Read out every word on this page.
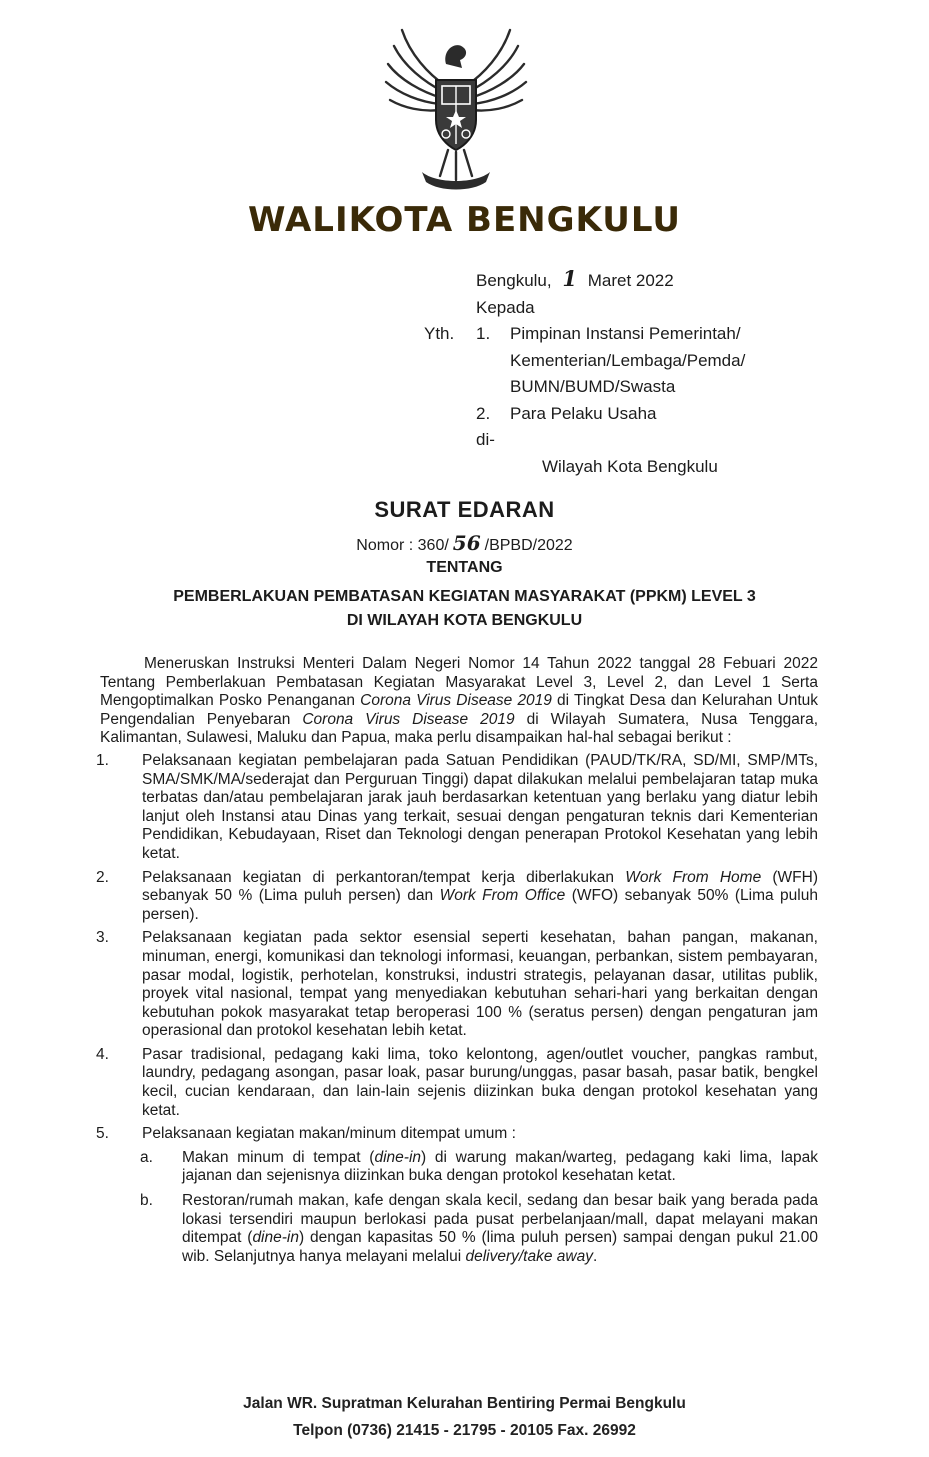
WALIKOTA BENGKULU
Bengkulu, 1 Maret 2022
Kepada
Yth.	1.	Pimpinan Instansi Pemerintah/
Kementerian/Lembaga/Pemda/
BUMN/BUMD/Swasta
2.	Para Pelaku Usaha
di-
Wilayah Kota Bengkulu
SURAT EDARAN
Nomor : 360/ 56 /BPBD/2022
TENTANG
PEMBERLAKUAN PEMBATASAN KEGIATAN MASYARAKAT (PPKM) LEVEL 3
DI WILAYAH KOTA BENGKULU

Meneruskan Instruksi Menteri Dalam Negeri Nomor 14 Tahun 2022 tanggal 28 Febuari 2022 Tentang Pemberlakuan Pembatasan Kegiatan Masyarakat Level 3, Level 2, dan Level 1 Serta Mengoptimalkan Posko Penanganan Corona Virus Disease 2019 di Tingkat Desa dan Kelurahan Untuk Pengendalian Penyebaran Corona Virus Disease 2019 di Wilayah Sumatera, Nusa Tenggara, Kalimantan, Sulawesi, Maluku dan Papua, maka perlu disampaikan hal-hal sebagai berikut :

1.	Pelaksanaan kegiatan pembelajaran pada Satuan Pendidikan (PAUD/TK/RA, SD/MI, SMP/MTs, SMA/SMK/MA/sederajat dan Perguruan Tinggi) dapat dilakukan melalui pembelajaran tatap muka terbatas dan/atau pembelajaran jarak jauh berdasarkan ketentuan yang berlaku yang diatur lebih lanjut oleh Instansi atau Dinas yang terkait, sesuai dengan pengaturan teknis dari Kementerian Pendidikan, Kebudayaan, Riset dan Teknologi dengan penerapan Protokol Kesehatan yang lebih ketat.
2.	Pelaksanaan kegiatan di perkantoran/tempat kerja diberlakukan Work From Home (WFH) sebanyak 50 % (Lima puluh persen) dan Work From Office (WFO) sebanyak 50% (Lima puluh persen).
3.	Pelaksanaan kegiatan pada sektor esensial seperti kesehatan, bahan pangan, makanan, minuman, energi, komunikasi dan teknologi informasi, keuangan, perbankan, sistem pembayaran, pasar modal, logistik, perhotelan, konstruksi, industri strategis, pelayanan dasar, utilitas publik, proyek vital nasional, tempat yang menyediakan kebutuhan sehari-hari yang berkaitan dengan kebutuhan pokok masyarakat tetap beroperasi 100 % (seratus persen) dengan pengaturan jam operasional dan protokol kesehatan lebih ketat.
4.	Pasar tradisional, pedagang kaki lima, toko kelontong, agen/outlet voucher, pangkas rambut, laundry, pedagang asongan, pasar loak, pasar burung/unggas, pasar basah, pasar batik, bengkel kecil, cucian kendaraan, dan lain-lain sejenis diizinkan buka dengan protokol kesehatan yang ketat.
5.	Pelaksanaan kegiatan makan/minum ditempat umum :
a.	Makan minum di tempat (dine-in) di warung makan/warteg, pedagang kaki lima, lapak jajanan dan sejenisnya diizinkan buka dengan protokol kesehatan ketat.
b.	Restoran/rumah makan, kafe dengan skala kecil, sedang dan besar baik yang berada pada lokasi tersendiri maupun berlokasi pada pusat perbelanjaan/mall, dapat melayani makan ditempat (dine-in) dengan kapasitas 50 % (lima puluh persen) sampai dengan pukul 21.00 wib. Selanjutnya hanya melayani melalui delivery/take away.
Jalan WR. Supratman Kelurahan Bentiring Permai Bengkulu
Telpon (0736) 21415 - 21795 - 20105 Fax. 26992
